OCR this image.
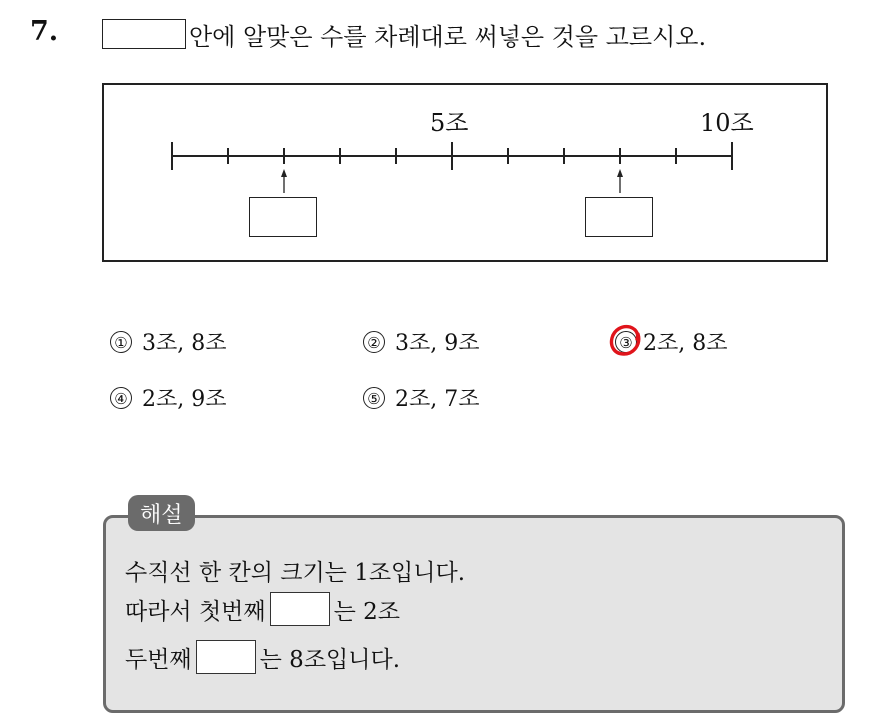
7.	안에 알맞은 수를 차례대로 써넣은 것을 고르시오.
5조	10조
① 3조, 8조	② 3조, 9조	③ 2조, 8조
④ 2조, 9조	⑤ 2조, 7조
해설
수직선 한 칸의 크기는 1조입니다.
따라서 첫번째	는 2조
두번째	는 8조입니다.
